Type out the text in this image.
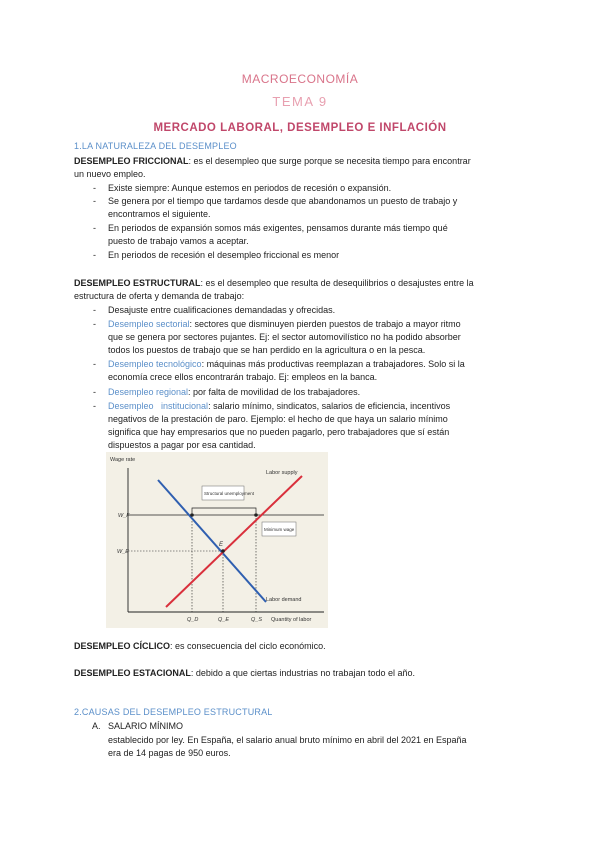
MACROECONOMÍA
TEMA 9
MERCADO LABORAL, DESEMPLEO E INFLACIÓN
1.LA NATURALEZA DEL DESEMPLEO
DESEMPLEO FRICCIONAL: es el desempleo que surge porque se necesita tiempo para encontrar
un nuevo empleo.
- Existe siempre: Aunque estemos en periodos de recesión o expansión.
- Se genera por el tiempo que tardamos desde que abandonamos un puesto de trabajo y
encontramos el siguiente.
- En periodos de expansión somos más exigentes, pensamos durante más tiempo qué
puesto de trabajo vamos a aceptar.
- En periodos de recesión el desempleo friccional es menor
DESEMPLEO ESTRUCTURAL: es el desempleo que resulta de desequilibrios o desajustes entre la
estructura de oferta y demanda de trabajo:
- Desajuste entre cualificaciones demandadas y ofrecidas.
- Desempleo sectorial: sectores que disminuyen pierden puestos de trabajo a mayor ritmo
que se genera por sectores pujantes. Ej: el sector automovilístico no ha podido absorber
todos los puestos de trabajo que se han perdido en la agricultura o en la pesca.
- Desempleo tecnológico: máquinas más productivas reemplazan a trabajadores. Solo si la
economía crece ellos encontrarán trabajo. Ej: empleos en la banca.
- Desempleo regional: por falta de movilidad de los trabajadores.
- Desempleo   institucional: salario mínimo, sindicatos, salarios de eficiencia, incentivos
negativos de la prestación de paro. Ejemplo: el hecho de que haya un salario mínimo
significa que hay empresarios que no pueden pagarlo, pero trabajadores que sí están
dispuestos a pagar por esa cantidad.
Wage rate
W_F
W_E
Q_D	Q_E	Q_S Quantity of labor
E
Labor supply
Labor demand
Structural unemployment
Minimum wage
DESEMPLEO CÍCLICO: es consecuencia del ciclo económico.
DESEMPLEO ESTACIONAL: debido a que ciertas industrias no trabajan todo el año.
2.CAUSAS DEL DESEMPLEO ESTRUCTURAL
A. SALARIO MÍNIMO
establecido por ley. En España, el salario anual bruto mínimo en abril del 2021 en España
era de 14 pagas de 950 euros.
